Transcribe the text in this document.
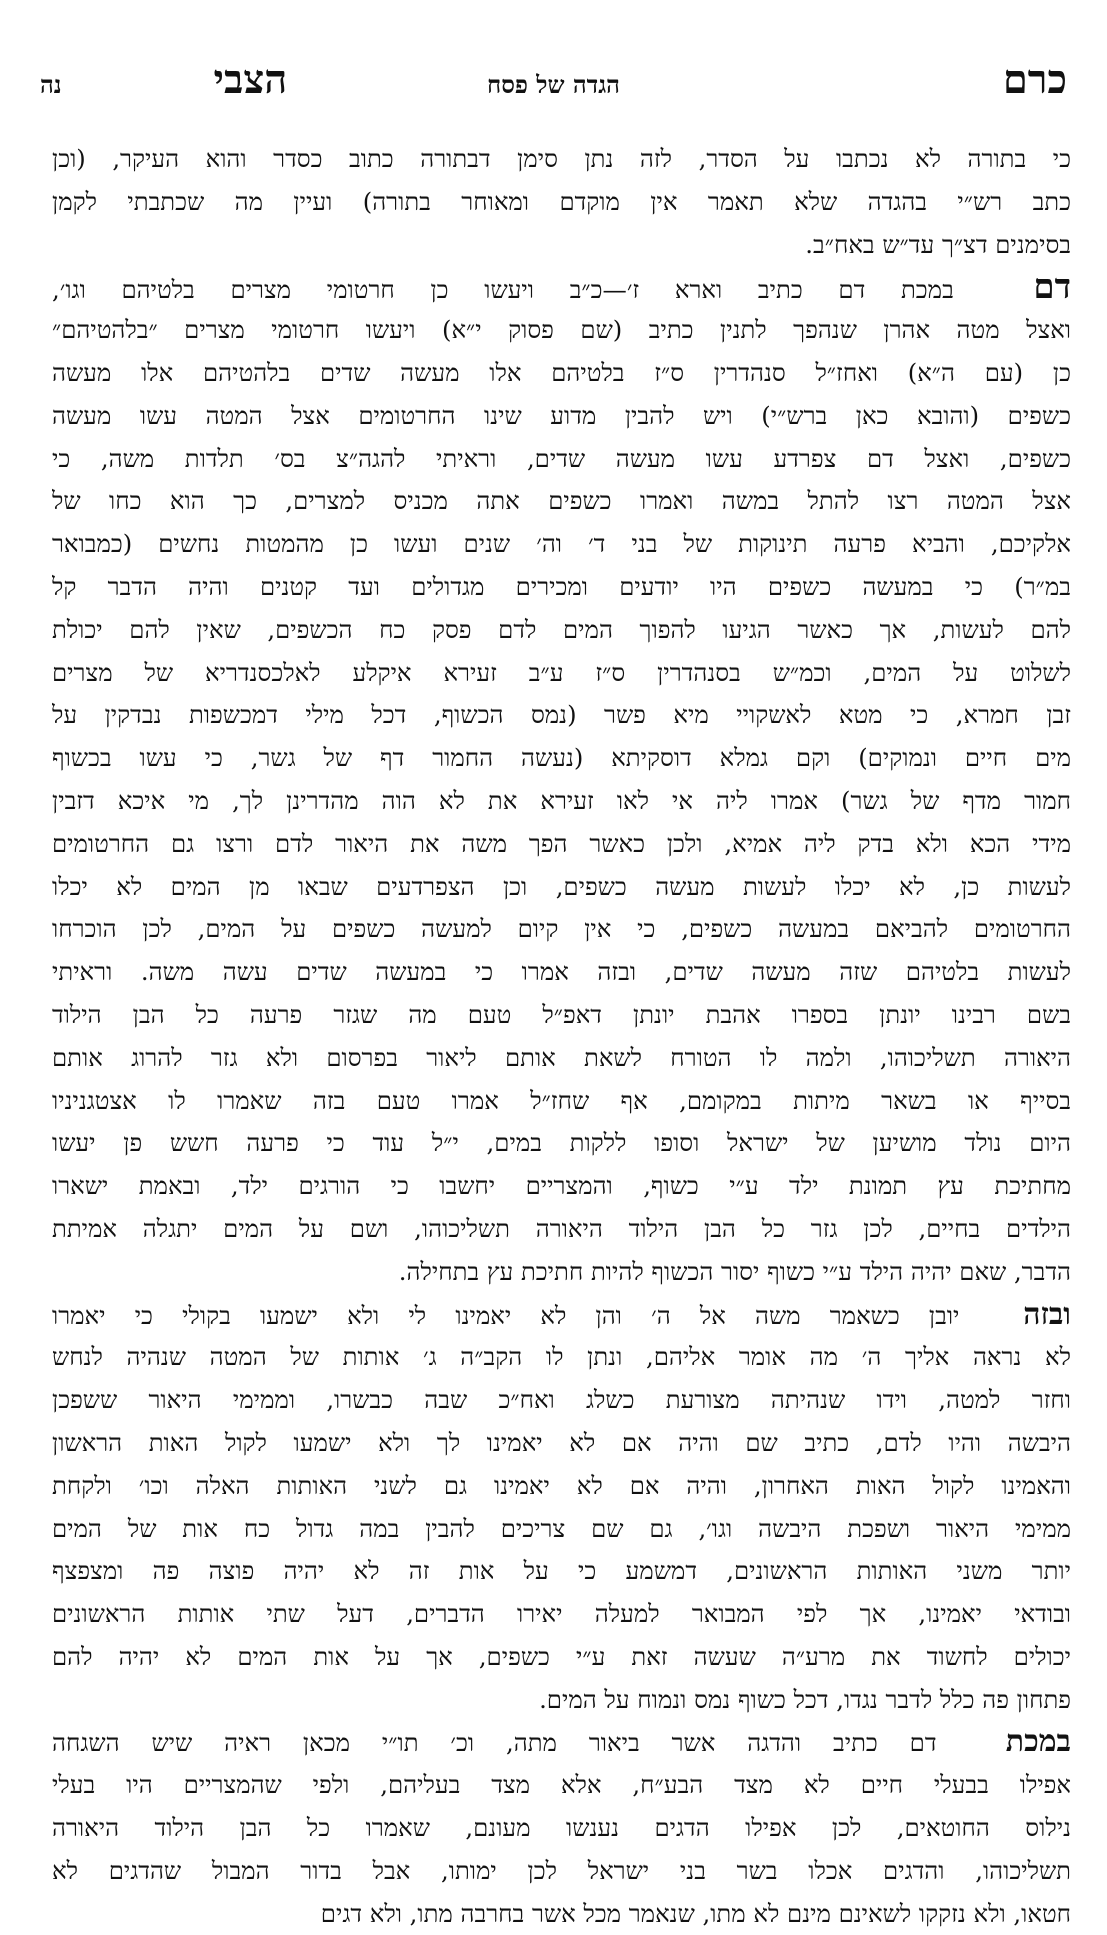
כרם
הגדה של פסח
הצבי נה
כי בתורה לא נכתבו על הסדר, לזה נתן סימן דבתורה כתוב כסדר והוא העיקר, (וכן
כתב רש״י בהגדה שלא תאמר אין מוקדם ומאוחר בתורה) ועיין מה שכתבתי לקמן
בסימנים דצ״ך עד״ש באח״ב.
דם  במכת דם כתיב וארא ז׳—כ״ב ויעשו כן חרטומי מצרים בלטיהם וגו׳,
ואצל מטה אהרן שנהפך לתנין כתיב (שם פסוק י״א) ויעשו חרטומי מצרים ״בלהטיהם״
כן (עם ה״א) ואחז״ל סנהדרין ס״ז בלטיהם אלו מעשה שדים בלהטיהם אלו מעשה
כשפים (והובא כאן ברש״י) ויש להבין מדוע שינו החרטומים אצל המטה עשו מעשה
כשפים, ואצל דם צפרדע עשו מעשה שדים, וראיתי להגה״צ בס׳ תלדות משה, כי
אצל המטה רצו להתל במשה ואמרו כשפים אתה מכניס למצרים, כך הוא כחו של
אלקיכם, והביא פרעה תינוקות של בני ד׳ וה׳ שנים ועשו כן מהמטות נחשים (כמבואר
במ״ר) כי במעשה כשפים היו יודעים ומכירים מגדולים ועד קטנים והיה הדבר קל
להם לעשות, אך כאשר הגיעו להפוך המים לדם פסק כח הכשפים, שאין להם יכולת
לשלוט על המים, וכמ״ש בסנהדרין ס״ז ע״ב זעירא איקלע לאלכסנדריא של מצרים
זבן חמרא, כי מטא לאשקויי מיא פשר (נמס הכשוף, דכל מילי דמכשפות נבדקין על
מים חיים ונמוקים) וקם גמלא דוסקיתא (נעשה החמור דף של גשר, כי עשו בכשוף
חמור מדף של גשר) אמרו ליה אי לאו זעירא את לא הוה מהדרינן לך, מי איכא דזבין
מידי הכא ולא בדק ליה אמיא, ולכן כאשר הפך משה את היאור לדם ורצו גם החרטומים
לעשות כן, לא יכלו לעשות מעשה כשפים, וכן הצפרדעים שבאו מן המים לא יכלו
החרטומים להביאם במעשה כשפים, כי אין קיום למעשה כשפים על המים, לכן הוכרחו
לעשות בלטיהם שזה מעשה שדים, ובזה אמרו כי במעשה שדים עשה משה. וראיתי
בשם רבינו יונתן בספרו אהבת יונתן דאפ״ל טעם מה שגזר פרעה כל הבן הילוד
היאורה תשליכוהו, ולמה לו הטורח לשאת אותם ליאור בפרסום ולא גזר להרוג אותם
בסייף או בשאר מיתות במקומם, אף שחז״ל אמרו טעם בזה שאמרו לו אצטגניניו
היום נולד מושיען של ישראל וסופו ללקות במים, י״ל עוד כי פרעה חשש פן יעשו
מחתיכת עץ תמונת ילד ע״י כשוף, והמצריים יחשבו כי הורגים ילד, ובאמת ישארו
הילדים בחיים, לכן גזר כל הבן הילוד היאורה תשליכוהו, ושם על המים יתגלה אמיתת
הדבר, שאם יהיה הילד ע״י כשוף יסור הכשוף להיות חתיכת עץ בתחילה.
ובזה  יובן כשאמר משה אל ה׳ והן לא יאמינו לי ולא ישמעו בקולי כי יאמרו
לא נראה אליך ה׳ מה אומר אליהם, ונתן לו הקב״ה ג׳ אותות של המטה שנהיה לנחש
וחזר למטה, וידו שנהיתה מצורעת כשלג ואח״כ שבה כבשרו, וממימי היאור ששפכן
היבשה והיו לדם, כתיב שם והיה אם לא יאמינו לך ולא ישמעו לקול האות הראשון
והאמינו לקול האות האחרון, והיה אם לא יאמינו גם לשני האותות האלה וכו׳ ולקחת
ממימי היאור ושפכת היבשה וגו׳, גם שם צריכים להבין במה גדול כח אות של המים
יותר משני האותות הראשונים, דמשמע כי על אות זה לא יהיה פוצה פה ומצפצף
ובודאי יאמינו, אך לפי המבואר למעלה יאירו הדברים, דעל שתי אותות הראשונים
יכולים לחשוד את מרע״ה שעשה זאת ע״י כשפים, אך על אות המים לא יהיה להם
פתחון פה כלל לדבר נגדו, דכל כשוף נמס ונמוח על המים.
במכת  דם כתיב והדגה אשר ביאור מתה, וכ׳ תו״י מכאן ראיה שיש השגחה
אפילו בבעלי חיים לא מצד הבע״ח, אלא מצד בעליהם, ולפי שהמצריים היו בעלי
נילוס החוטאים, לכן אפילו הדגים נענשו מעונם, שאמרו כל הבן הילוד היאורה
תשליכוהו, והדגים אכלו בשר בני ישראל לכן ימותו, אבל בדור המבול שהדגים לא
חטאו, ולא נזקקו לשאינם מינם לא מתו, שנאמר מכל אשר בחרבה מתו, ולא דגים
